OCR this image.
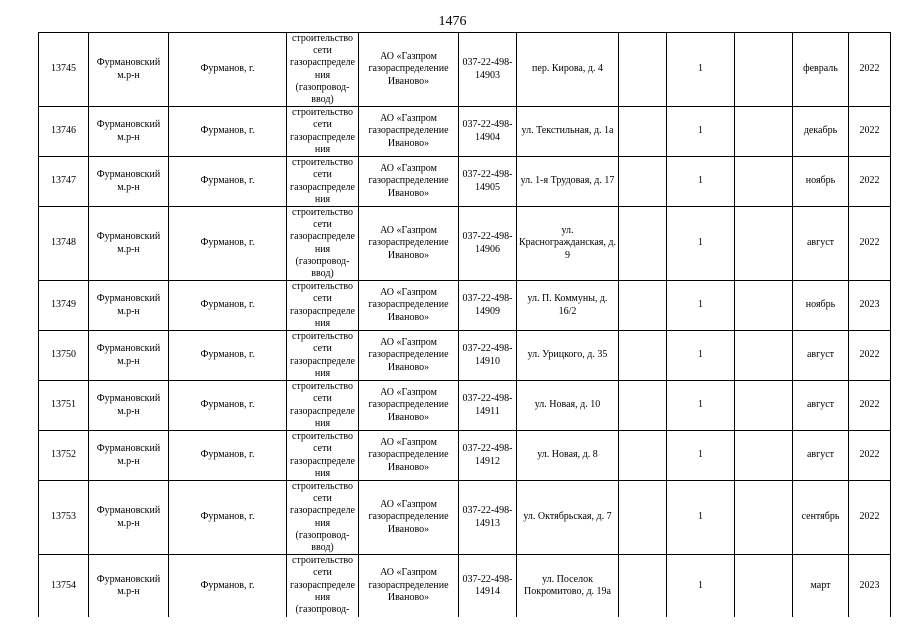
1476
13745	Фурмановский м.р-н	Фурманов, г.	строительство сети газораспределения (газопровод-ввод)	АО «Газпром газораспределение Иваново»	037-22-498-14903	пер. Кирова, д. 4		1		февраль	2022

13746	Фурмановский м.р-н	Фурманов, г.	строительство сети газораспределения	АО «Газпром газораспределение Иваново»	037-22-498-14904	ул. Текстильная, д. 1а		1		декабрь	2022

13747	Фурмановский м.р-н	Фурманов, г.	строительство сети газораспределения	АО «Газпром газораспределение Иваново»	037-22-498-14905	ул. 1-я Трудовая, д. 17		1		ноябрь	2022

13748	Фурмановский м.р-н	Фурманов, г.	строительство сети газораспределения (газопровод-ввод)	АО «Газпром газораспределение Иваново»	037-22-498-14906	ул. Красногражданская, д. 9		1		август	2022

13749	Фурмановский м.р-н	Фурманов, г.	строительство сети газораспределения	АО «Газпром газораспределение Иваново»	037-22-498-14909	ул. П. Коммуны, д. 16/2		1		ноябрь	2023

13750	Фурмановский м.р-н	Фурманов, г.	строительство сети газораспределения	АО «Газпром газораспределение Иваново»	037-22-498-14910	ул. Урицкого, д. 35		1		август	2022

13751	Фурмановский м.р-н	Фурманов, г.	строительство сети газораспределения	АО «Газпром газораспределение Иваново»	037-22-498-14911	ул. Новая, д. 10		1		август	2022

13752	Фурмановский м.р-н	Фурманов, г.	строительство сети газораспределения	АО «Газпром газораспределение Иваново»	037-22-498-14912	ул. Новая, д. 8		1		август	2022

13753	Фурмановский м.р-н	Фурманов, г.	строительство сети газораспределения (газопровод-ввод)	АО «Газпром газораспределение Иваново»	037-22-498-14913	ул. Октябрьская, д. 7		1		сентябрь	2022

13754	Фурмановский м.р-н	Фурманов, г.	строительство сети газораспределения (газопровод-	АО «Газпром газораспределение Иваново»	037-22-498-14914	ул. Поселок Покромитово, д. 19а		1		март	2023
